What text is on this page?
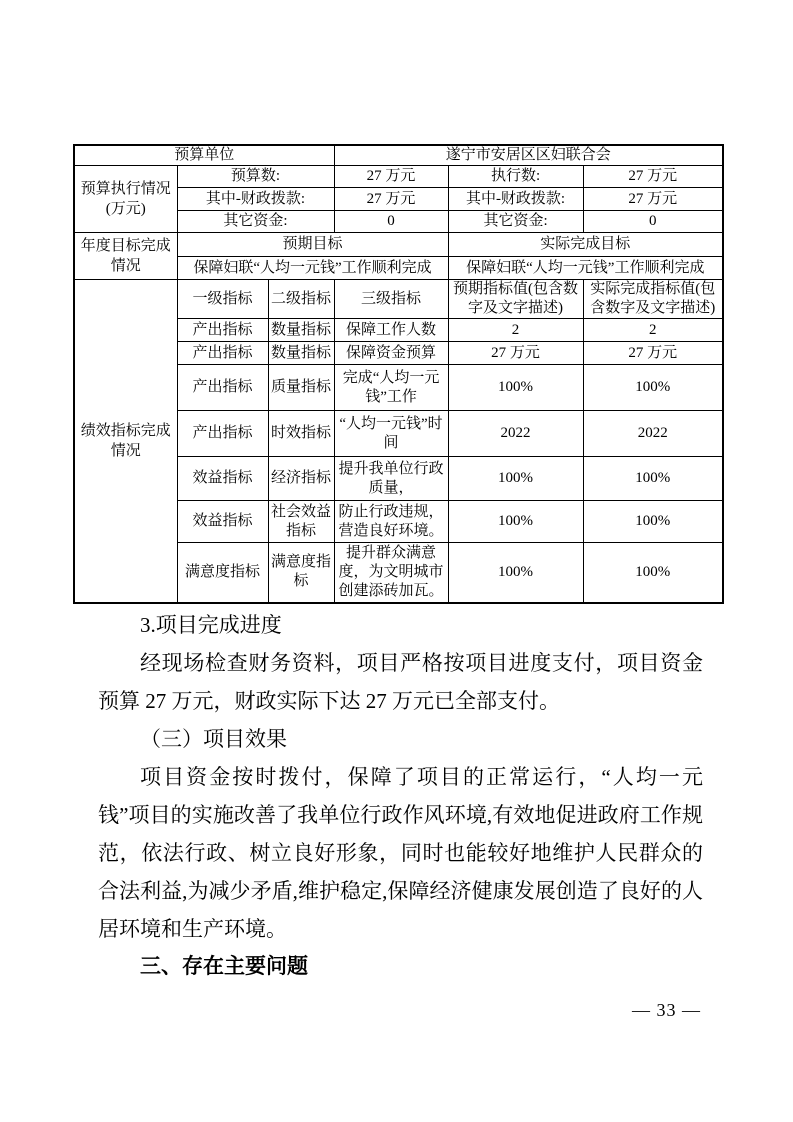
预算单位			遂宁市安居区区妇联合会		
预算执行情况(万元)	预算数:		27 万元	执行数:	27 万元
	其中-财政拨款:		27 万元	其中-财政拨款:	27 万元
	其它资金:		0	其它资金:	0
年度目标完成情况	预期目标			实际完成目标	
	保障妇联“人均一元钱”工作顺利完成			保障妇联“人均一元钱”工作顺利完成	
绩效指标完成情况	一级指标	二级指标	三级指标	预期指标值(包含数字及文字描述)	实际完成指标值(包含数字及文字描述)
	产出指标	数量指标	保障工作人数	2	2
	产出指标	数量指标	保障资金预算	27 万元	27 万元
	产出指标	质量指标	完成“人均一元钱”工作	100%	100%
	产出指标	时效指标	“人均一元钱”时间	2022	2022
	效益指标	经济指标	提升我单位行政质量，	100%	100%
	效益指标	社会效益指标	防止行政违规，营造良好环境。	100%	100%
	满意度指标	满意度指标	提升群众满意度，为文明城市创建添砖加瓦。	100%	100%

3.项目完成进度

经现场检查财务资料，项目严格按项目进度支付，项目资金预算 27 万元，财政实际下达 27 万元已全部支付。

（三）项目效果

项目资金按时拨付，保障了项目的正常运行，“人均一元钱”项目的实施改善了我单位行政作风环境,有效地促进政府工作规范，依法行政、树立良好形象，同时也能较好地维护人民群众的合法利益,为减少矛盾,维护稳定,保障经济健康发展创造了良好的人居环境和生产环境。

三、存在主要问题

— 33 —
